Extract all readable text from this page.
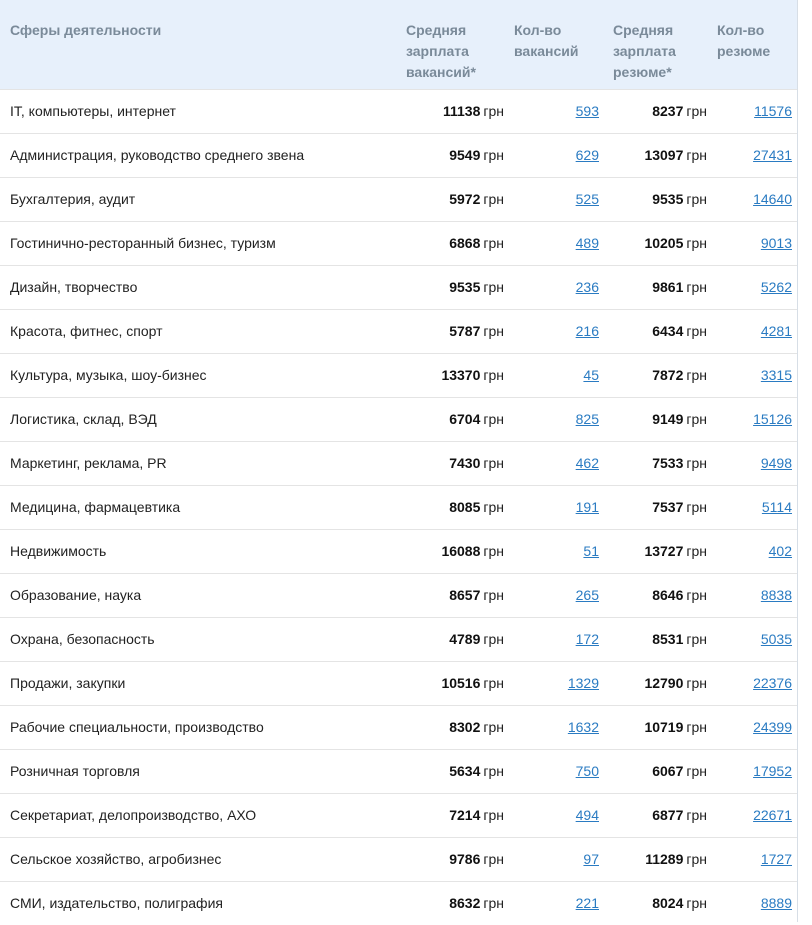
Сферы деятельности	Средняя зарплата вакансий*	Кол-во вакансий	Средняя зарплата резюме*	Кол-во резюме
IT, компьютеры, интернет	11138 грн	593	8237 грн	11576
Администрация, руководство среднего звена	9549 грн	629	13097 грн	27431
Бухгалтерия, аудит	5972 грн	525	9535 грн	14640
Гостинично-ресторанный бизнес, туризм	6868 грн	489	10205 грн	9013
Дизайн, творчество	9535 грн	236	9861 грн	5262
Красота, фитнес, спорт	5787 грн	216	6434 грн	4281
Культура, музыка, шоу-бизнес	13370 грн	45	7872 грн	3315
Логистика, склад, ВЭД	6704 грн	825	9149 грн	15126
Маркетинг, реклама, PR	7430 грн	462	7533 грн	9498
Медицина, фармацевтика	8085 грн	191	7537 грн	5114
Недвижимость	16088 грн	51	13727 грн	402
Образование, наука	8657 грн	265	8646 грн	8838
Охрана, безопасность	4789 грн	172	8531 грн	5035
Продажи, закупки	10516 грн	1329	12790 грн	22376
Рабочие специальности, производство	8302 грн	1632	10719 грн	24399
Розничная торговля	5634 грн	750	6067 грн	17952
Секретариат, делопроизводство, АХО	7214 грн	494	6877 грн	22671
Сельское хозяйство, агробизнес	9786 грн	97	11289 грн	1727
СМИ, издательство, полиграфия	8632 грн	221	8024 грн	8889
